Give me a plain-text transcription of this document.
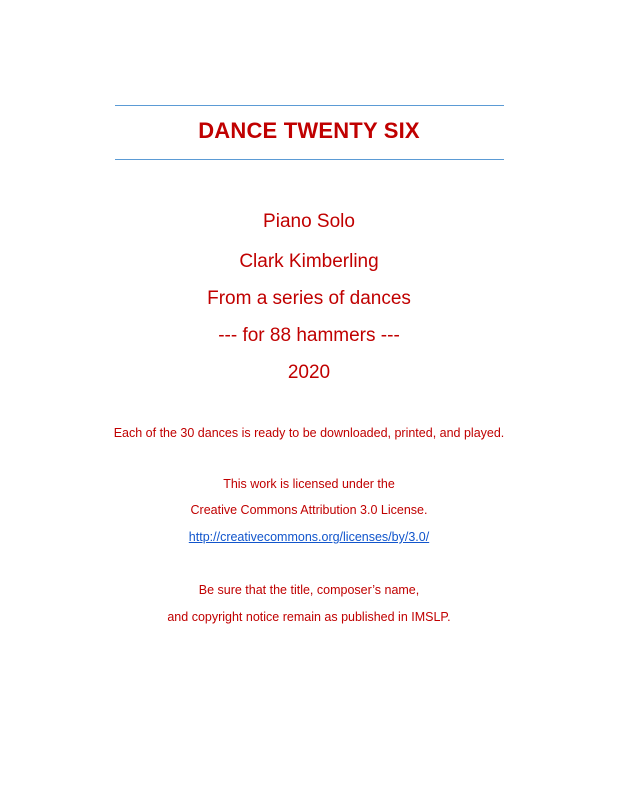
DANCE TWENTY SIX
Piano Solo
Clark Kimberling
From a series of dances
--- for 88 hammers ---
2020
Each of the 30 dances is ready to be downloaded, printed, and played.
This work is licensed under the
Creative Commons Attribution 3.0 License.
http://creativecommons.org/licenses/by/3.0/
Be sure that the title, composer’s name,
and copyright notice remain as published in IMSLP.
